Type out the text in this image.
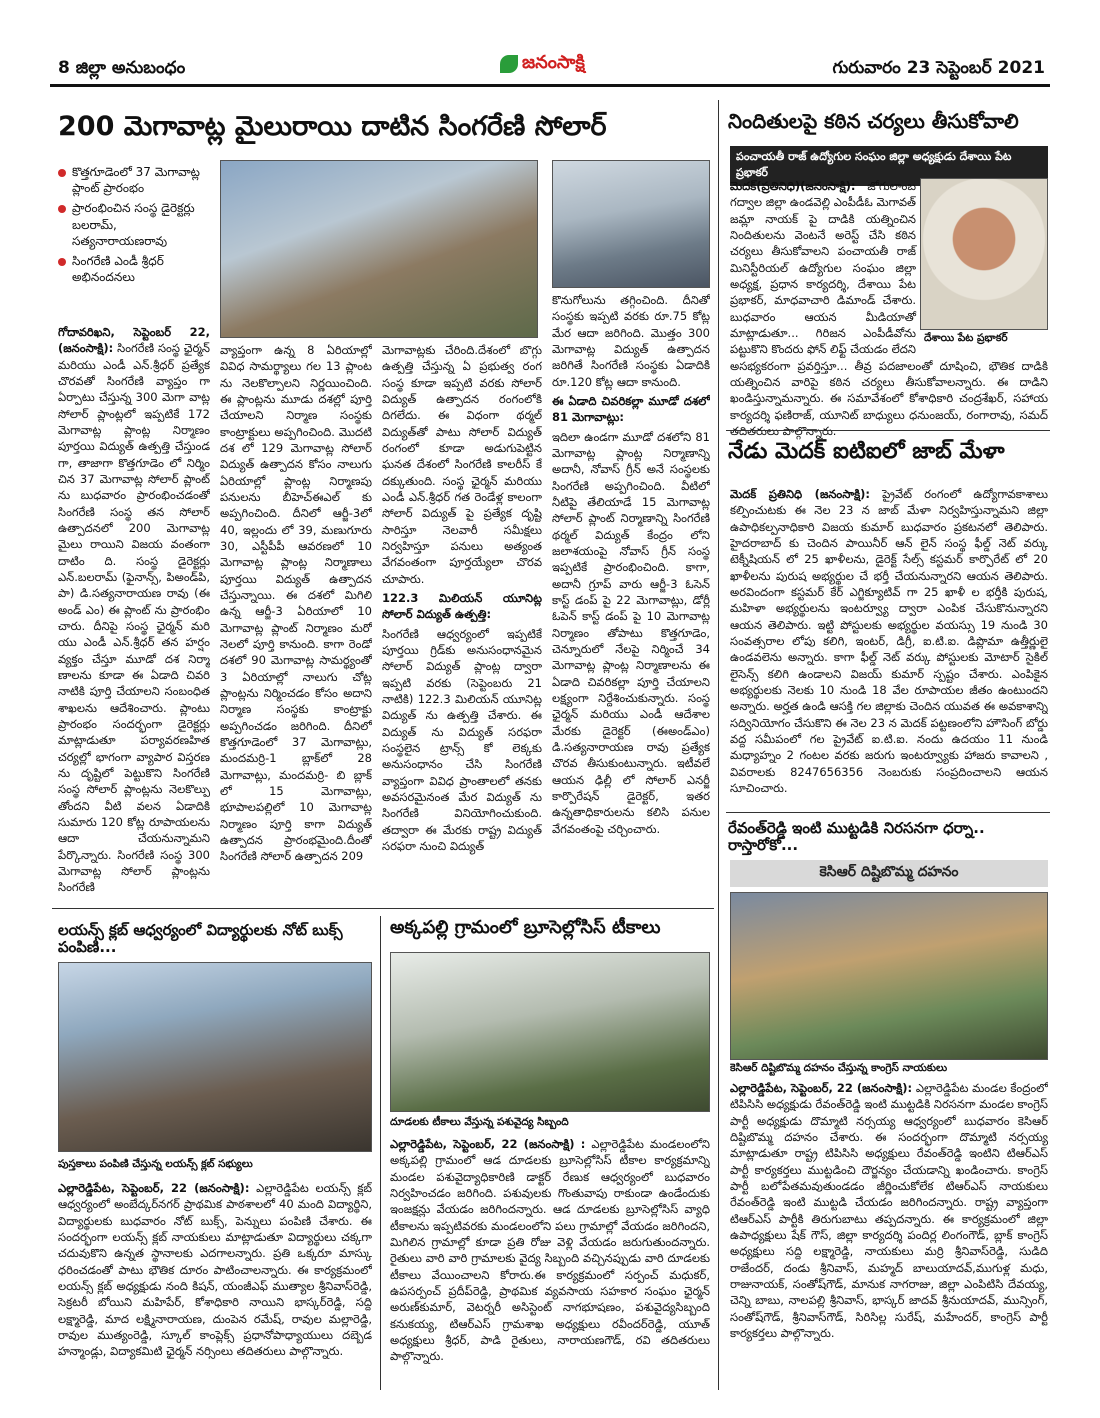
8 జిల్లా అనుబంధం	జనంసాక్షి	గురువారం 23 సెప్టెంబర్ 2021
200 మెగావాట్ల మైలురాయి దాటిన సింగరేణి సోలార్
కొత్తగూడెంలో 37 మెగావాట్ల ప్లాంట్ ప్రారంభం
ప్రారంభించిన సంస్థ డైరెక్టర్లు బలరామ్, సత్యనారాయణరావు
సింగరేణి ఎండీ శ్రీధర్ అభినందనలు
గోదావరిఖని, సెప్టెంబర్ 22, (జనంసాక్షి): సింగరేణి సంస్థ ఛైర్మన్ మరియు ఎండీ ఎన్.శ్రీధర్ ప్రత్యేక చొరవతో సింగరేణి వ్యాప్తం గా ఏర్పాటు చేస్తున్న 300 మెగా వాట్ల సోలార్ ప్లాంట్లలో ఇప్పటికే 172 మెగావాట్ల ప్లాంట్ల నిర్మాణం పూర్తయి విద్యుత్ ఉత్పత్తి చేస్తుండ గా, తాజాగా కొత్తగూడెం లో నిర్మిం చిన 37 మెగావాట్ల సోలార్ ప్లాంట్ ను బుధవారం ప్రారంభించడంతో సింగరేణి సంస్థ తన సోలార్ ఉత్పాదనలో 200 మెగావాట్ల మైలు రాయిని విజయ వంతంగా దాటిం ది. సంస్థ డైరెక్టర్లు ఎన్.బలరామ్ (ఫైనాన్స్, పిఅండ్‌పి, పా) డి.సత్యనారాయణ రావు (ఈ అండ్ ఎం) ఈ ప్లాంట్ ను ప్రారంభిం చారు. దీనిపై సంస్థ ఛైర్మన్ మరి యు ఎండీ ఎన్.శ్రీధర్ తన హర్షం వ్యక్తం చేస్తూ మూడో దశ నిర్మా ణాలను కూడా ఈ ఏడాది చివరి నాటికి పూర్తి చేయాలని సంబంధిత శాఖలను ఆదేశించారు. ప్లాంటు ప్రారంభం సందర్భంగా డైరెక్టర్లు మాట్లాడుతూ పర్యావరణహిత చర్యల్లో భాగంగా వ్యాపార విస్తరణ ను దృష్టిలో పెట్టుకొని సింగరేణి సంస్థ సోలార్ ప్లాంట్లను నెలకొల్పు తోందని వీటి వలన ఏడాదికి సుమారు 120 కోట్ల రూపాయలను ఆదా చేయనున్నామని పేర్కొన్నారు. సింగరేణి సంస్థ 300 మెగావాట్ల సోలార్ ప్లాంట్లను సింగరేణి
వ్యాప్తంగా ఉన్న 8 ఏరియాల్లో వివిధ సామర్థ్యాలు గల 13 ప్లాంట ను నెలకొల్పాలని నిర్ణయించింది. ఈ ప్లాంట్లను మూడు దశల్లో పూర్తి చేయాలని నిర్మాణ సంస్థకు కాంట్రాక్టులు అప్పగించింది. మొదటి దశ లో 129 మెగావాట్ల సోలార్ విద్యుత్ ఉత్పాదన కోసం నాలుగు ఏరియాల్లో ప్లాంట్ల నిర్మాణపు పనులను బీహెచ్‌ఈఎల్ కు అప్పగించింది. దీనిలో ఆర్జీ-3లో 40, ఇల్లందు లో 39, మణుగూరు 30, ఎస్టీపీపీ ఆవరణలో 10 మెగావాట్ల ప్లాంట్ల నిర్మాణాలు పూర్తయి విద్యుత్ ఉత్పాదన చేస్తున్నాయి. ఈ దశలో మిగిలి ఉన్న ఆర్జీ-3 ఏరియాలో 10 మెగావాట్ల ప్లాంట్ నిర్మాణం మరో నెలలో పూర్తి కానుంది. కాగా రెండో దశలో 90 మెగావాట్ల సామర్థ్యంతో 3 ఏరియాల్లో నాలుగు చోట్ల ప్లాంట్లను నిర్మించడం కోసం అదాని నిర్మాణ సంస్థకు కాంట్రాక్టు అప్పగించడం జరిగింది. దీనిలో కొత్తగూడెంలో 37 మెగావాట్లు, మందమర్రి-1 బ్లాక్‌లో 28 మెగావాట్లు, మందమర్రి- బి బ్లాక్ లో 15 మెగావాట్లు, భూపాలపల్లిలో 10 మెగావాట్ల నిర్మాణం పూర్తి కాగా విద్యుత్ ఉత్పాదన ప్రారంభమైంది.దీంతో సింగరేణి సోలార్ ఉత్పాదన 209
మెగావాట్లకు చేరింది.దేశంలో బొగ్గు ఉత్పత్తి చేస్తున్న ఏ ప్రభుత్వ రంగ సంస్థ కూడా ఇప్పటి వరకు సోలార్ విద్యుత్ ఉత్పాదన రంగంలోకి దిగలేదు. ఈ విధంగా థర్మల్ విద్యుత్‌తో పాటు సోలార్ విద్యుత్ రంగంలో కూడా అడుగుపెట్టిన ఘనత దేశంలో సింగరేణి కాలరీస్ కే దక్కుతుంది. సంస్థ ఛైర్మన్ మరియు ఎండీ ఎన్.శ్రీధర్ గత రెండేళ్ల కాలంగా సోలార్ విద్యుత్ పై ప్రత్యేక దృష్టి సారిస్తూ నెలవారీ సమీక్షలు నిర్వహిస్తూ పనులు అత్యంత వేగవంతంగా పూర్తయ్యేలా చొరవ చూపారు.
122.3 మిలియన్ యూనిట్ల సోలార్ విద్యుత్ ఉత్పత్తి:
సింగరేణి ఆధ్వర్యంలో ఇప్పటికే పూర్తయి గ్రిడ్‌కు అనుసంధానమైన సోలార్ విద్యుత్ ప్లాంట్ల ద్వారా ఇప్పటి వరకు (సెప్టెంబరు 21 నాటికి) 122.3 మిలియన్ యూనిట్ల విద్యుత్ ను ఉత్పత్తి చేశారు. ఈ విద్యుత్ ను విద్యుత్ సరఫరా సంస్థలైన ట్రాన్స్ కో లెక్కకు అనుసంధానం చేసి సింగరేణి వ్యాప్తంగా వివిధ ప్రాంతాలలో తనకు అవసరమైనంత మేర విద్యుత్ ను సింగరేణి వినియోగించుకుంది. తద్వారా ఈ మేరకు రాష్ట్ర విద్యుత్ సరఫరా నుంచి విద్యుత్
కొనుగోలును తగ్గించింది. దీనితో సంస్థకు ఇప్పటి వరకు రూ.75 కోట్ల మేర ఆదా జరిగింది. మొత్తం 300 మెగావాట్ల విద్యుత్ ఉత్పాదన జరిగితే సింగరేణి సంస్థకు ఏడాదికి రూ.120 కోట్ల ఆదా కానుంది.
ఈ ఏడాది చివరికల్లా మూడో దశలో 81 మెగావాట్లు:
ఇదిలా ఉండగా మూడో దశలోని 81 మెగావాట్ల ప్లాంట్ల నిర్మాణాన్ని అదానీ, నోవాస్ గ్రీన్ అనే సంస్థలకు సింగరేణి అప్పగించింది. వీటిలో నీటిపై తేలియాడే 15 మెగావాట్ల సోలార్ ప్లాంట్ నిర్మాణాన్ని సింగరేణి థర్మల్ విద్యుత్ కేంద్రం లోని జలాశయంపై నోవాస్ గ్రీన్ సంస్థ ఇప్పటికే ప్రారంభించింది. కాగా, అదానీ గ్రూప్ వారు ఆర్జీ-3 ఓసెన్ కాస్ట్ డంప్ పై 22 మెగావాట్లు, డోర్లీ ఓపెన్ కాస్ట్ డంప్ పై 10 మెగావాట్ల నిర్మాణం తోపాటు కొత్తగూడెం, చెన్నూరులో నేలపై నిర్మించే 34 మెగావాట్ల ప్లాంట్ల నిర్మాణాలను ఈ ఏడాది చివరికల్లా పూర్తి చేయాలని లక్ష్యంగా నిర్దేశించుకున్నారు. సంస్థ ఛైర్మన్ మరియు ఎండీ ఆదేశాల మేరకు డైరెక్టర్ (ఈఅండ్ఎం) డి.సత్యనారాయణ రావు ప్రత్యేక చొరవ తీసుకుంటున్నారు. ఇటీవలే ఆయన ఢిల్లీ లో సోలార్ ఎనర్జీ కార్పొరేషన్ డైరెక్టర్, ఇతర ఉన్నతాధికారులను కలిసి పనుల వేగవంతంపై చర్చించారు.
నిందితులపై కఠిన చర్యలు తీసుకోవాలి
పంచాయతీ రాజ్ ఉద్యోగుల సంఘం జిల్లా అధ్యక్షుడు దేశాయి పేట ప్రభాకర్
దేశాయి పేట ప్రభాకర్
మెదక్(ప్రతినిధి)(జనంసాక్షి): జోగులాంబ గద్వాల జిల్లా ఉండవెల్లి ఎంపీడీఓ మెగావత్ జమ్లా నాయక్ పై దాడికి యత్నించిన నిందితులను వెంటనే అరెస్ట్ చేసి కఠిన చర్యలు తీసుకోవాలని పంచాయతీ రాజ్ మినిస్టీరియల్ ఉద్యోగుల సంఘం జిల్లా అధ్యక్ష, ప్రధాన కార్యదర్శి, దేశాయి పేట ప్రభాకర్, మాధవాచారి డిమాండ్ చేశారు. బుధవారం ఆయన మీడియాతో మాట్లాడుతూ... గిరిజన ఎంపీడీవోను పట్టుకొని కొందరు ఫోన్ లిఫ్ట్ చేయడం లేదని అసభ్యకరంగా ప్రవర్తిస్తూ... తీవ్ర పదజాలంతో దూషించి, భౌతిక దాడికి యత్నించిన వారిపై కఠిన చర్యలు తీసుకోవాలన్నారు. ఈ దాడిని ఖండిస్తున్నామన్నారు. ఈ సమావేశంలో కోశాధికారి చంద్రశేఖర్, సహాయ కార్యదర్శి ఫణిరాజ్, యూనిట్ బాధ్యులు ధనుంజయ్, రంగారావు, సమద్
నేడు మెదక్ ఐటిఐలో జాబ్ మేళా
మెదక్ ప్రతినిధి (జనంసాక్షి): ప్రైవేట్ రంగంలో ఉద్యోగావకాశాలు కల్పించుటకు ఈ నెల 23 న జాబ్ మేళా నిర్వహిస్తున్నామని జిల్లా ఉపాధికల్పనాధికారి విజయ కుమార్ బుధవారం ప్రకటనలో తెలిపారు. హైదరాబాద్ కు చెందిన పాయినీర్ ఆన్ లైన్ సంస్థ ఫీల్డ్ నెట్ వర్కు టెక్నీషియన్ లో 25 ఖాళీలను, డైరెక్ట్ సేల్స్ కస్టమర్ కార్పొరేట్ లో 20 ఖాళీలను పురుష అభ్యర్థుల చే భర్తీ చేయనున్నారని ఆయన తెలిపారు. అరవిందంగా కస్టమర్ కేర్ ఎగ్జిక్యూటివ్ గా 25 ఖాళీ ల భర్తీకి పురుష, మహిళా అభ్యర్థులను ఇంటర్వ్యూ ద్వారా ఎంపిక చేసుకొనున్నారని ఆయన తెలిపారు. ఇట్టి పోస్టులకు అభ్యర్థుల వయస్సు 19 నుండి 30 సంవత్సరాల లోపు కలిగి, ఇంటర్, డిగ్రీ, ఐ.టి.ఐ. డిప్లొమా ఉత్తీర్ణులై ఉండవలెను అన్నారు. కాగా ఫీల్డ్ నెట్ వర్కు పోస్టులకు మోటార్ సైకిల్ లైసెన్స్ కలిగి ఉండాలని విజయ్ కుమార్ స్పష్టం చేశారు. ఎంపికైన అభ్యర్థులకు నెలకు 10 నుండి 18 వేల రూపాయల జీతం ఉంటుందని అన్నారు. అర్హత ఉండి ఆసక్తి గల జిల్లాకు చెందిన యువత ఈ అవకాశాన్ని సద్వినియోగం చేసుకొని ఈ నెల 23 న మెదక్ పట్టణంలోని హౌసింగ్ బోర్డు వద్ద సమీపంలో గల ప్రైవేట్ ఐ.టి.ఐ. నందు ఉదయం 11 నుండి మధ్యాహ్నం 2 గంటల వరకు జరుగు ఇంటర్వ్యూకు హాజరు కావాలని , వివరాలకు 8247656356 నెంబరుకు సంప్రదించాలని ఆయన సూచించారు.
రేవంత్‌రెడ్డి ఇంటి ముట్టడికి నిరసనగా ధర్నా.. రాస్తారోకో...
కెసిఆర్ దిష్టిబొమ్మ దహనం
కెసిఆర్ దిష్టిబొమ్మ దహనం చేస్తున్న కాంగ్రెస్ నాయకులు
ఎల్లారెడ్డిపేట, సెప్టెంబర్, 22 (జనంసాక్షి): ఎల్లారెడ్డిపేట మండల కేంద్రంలో టిపిసిసి అధ్యక్షుడు రేవంత్‌రెడ్డి ఇంటి ముట్టడికి నిరసనగా మండల కాంగ్రెస్ పార్టీ అధ్యక్షుడు దొమ్మాటి నర్సయ్య ఆధ్వర్యంలో బుధవారం కెసిఆర్ దిష్టిబొమ్మ దహనం చేశారు. ఈ సందర్భంగా దొమ్మాటి నర్సయ్య మాట్లాడుతూ రాష్ట్ర టిపిసిసి అధ్యక్షులు రేవంత్‌రెడ్డి ఇంటిని టిఆర్ఎస్ పార్టీ కార్యకర్తలు ముట్టడించి దౌర్జన్యం చేయడాన్ని ఖండించారు. కాంగ్రెస్ పార్టీ బలోపేతమవుతుండడం జీర్ణించుకోలేక టిఆర్ఎస్ నాయకులు రేవంత్‌రెడ్డి ఇంటి ముట్టడి చేయడం జరిగిందన్నారు. రాష్ట్ర వ్యాప్తంగా టిఆర్ఎస్ పార్టీకి తిరుగుబాటు తప్పదన్నారు. ఈ కార్యక్రమంలో జిల్లా ఉపాధ్యక్షులు షేక్ గౌస్, జిల్లా కార్యదర్శి పందిర్ల లింగంగౌడ్, బ్లాక్ కాంగ్రెస్ అధ్యక్షులు సద్ది లక్ష్మారెడ్డి, నాయకులు మర్రి శ్రీనివాస్‌రెడ్డి, సుడిది రాజేందర్, దండు శ్రీనివాస్, మహ్మద్ బాలుయాదవ్,ముగుళ్ల మధు, రాజునాయక్, సంతోష్‌గౌడ్, మానుక నాగరాజు, జిల్లా ఎంపిటిసి దేవయ్య, చెన్ని బాబు, నాలపల్లి శ్రీనివాస్, భాస్కర్ జాదవ్ శ్రీనుయాదవ్, మున్సింగ్, సంతోష్‌గౌడ్, శ్రీనివాస్‌గౌడ్, సిరిసిల్ల సురేష్, మహేందర్, కాంగ్రెస్ పార్టీ కార్యకర్తలు పాల్గొన్నారు.
లయన్స్ క్లబ్ ఆధ్వర్యంలో విద్యార్థులకు నోట్ బుక్స్ పంపిణి...
పుస్తకాలు పంపిణి చేస్తున్న లయన్స్ క్లబ్ సభ్యులు
ఎల్లారెడ్డిపేట, సెప్టెంబర్, 22 (జనంసాక్షి): ఎల్లారెడ్డిపేట లయన్స్ క్లబ్ ఆధ్వర్యంలో అంబేద్కర్‌నగర్ ప్రాథమిక పాఠశాలలో 40 మంది విద్యార్థిని, విద్యార్థులకు బుధవారం నోట్ బుక్స్, పెన్నులు పంపిణి చేశారు. ఈ సందర్భంగా లయన్స్ క్లబ్ నాయకులు మాట్లాడుతూ విద్యార్థులు చక్కగా చదువుకొని ఉన్నత స్థానాలకు ఎదగాలన్నారు. ప్రతి ఒక్కరూ మాస్కు ధరించడంతో పాటు భౌతిక దూరం పాటించాలన్నారు. ఈ కార్యక్రమంలో లయన్స్ క్లబ్ అధ్యక్షుడు నంది కిషన్, యంజీఎఫ్ ముత్యాల శ్రీనివాస్‌రెడ్డి, సెక్రటరీ బోయిని మహిపేర్, కోశాధికారి నాయిని భాస్కర్‌రెడ్డి, సద్ది లక్ష్మారెడ్డి, మాద లక్ష్మినారాయణ, దుంపెన రమేష్, రావుల మల్లారెడ్డి, రావుల ముత్యంరెడ్డి, స్కూల్ కాంప్లెక్స్ ప్రధానోపాధ్యాయులు దబ్బెడ హన్మాండ్లు, విద్యాకమిటి ఛైర్మన్ నర్సింలు తదితరులు పాల్గొన్నారు.
అక్కపల్లి గ్రామంలో బ్రూసెల్లోసిస్ టీకాలు
దూడలకు టీకాలు వేస్తున్న పశువైద్య సిబ్బంది
ఎల్లారెడ్డిపేట, సెప్టెంబర్, 22 (జనంసాక్షి) : ఎల్లారెడ్డిపేట మండలంలోని అక్కపల్లి గ్రామంలో ఆడ దూడలకు బ్రూసెల్లోసిస్ టీకాల కార్యక్రమాన్ని మండల పశువైద్యాధికారిణి డాక్టర్ రేణుక ఆధ్వర్యంలో బుధవారం నిర్వహించడం జరిగింది. పశువులకు గొంతువాపు రాకుండా ఉండేందుకు ఇంజక్షన్లు వేయడం జరిగిందన్నారు. ఆడ దూడలకు బ్రూసెల్లోసిస్ వ్యాధి టీకాలను ఇప్పటివరకు మండలంలోని పలు గ్రామాల్లో వేయడం జరిగిందని, మిగిలిన గ్రామాల్లో కూడా ప్రతి రోజు వెళ్లి వేయడం జరుగుతుందన్నారు. రైతులు వారి వారి గ్రామాలకు వైద్య సిబ్బంది వచ్చినప్పుడు వారి దూడలకు టీకాలు వేయించాలని కోరారు.ఈ కార్యక్రమంలో సర్పంచ్ మధుకర్, ఉపసర్పంచ్ ప్రదీప్‌రెడ్డి, ప్రాథమిక వ్యవసాయ సహకార సంఘం ఛైర్మన్ అరుణ్‌కుమార్, వెటర్నరీ అసిస్టెంట్ నాగభూషణం, పశువైద్యసిబ్బంది కనుకయ్య, టిఆర్ఎస్ గ్రామశాఖ అధ్యక్షులు రవీందర్‌రెడ్డి, యూత్ అధ్యక్షులు శ్రీధర్, పాడి రైతులు, నారాయణగౌడ్, రవి తదితరులు పాల్గొన్నారు.
